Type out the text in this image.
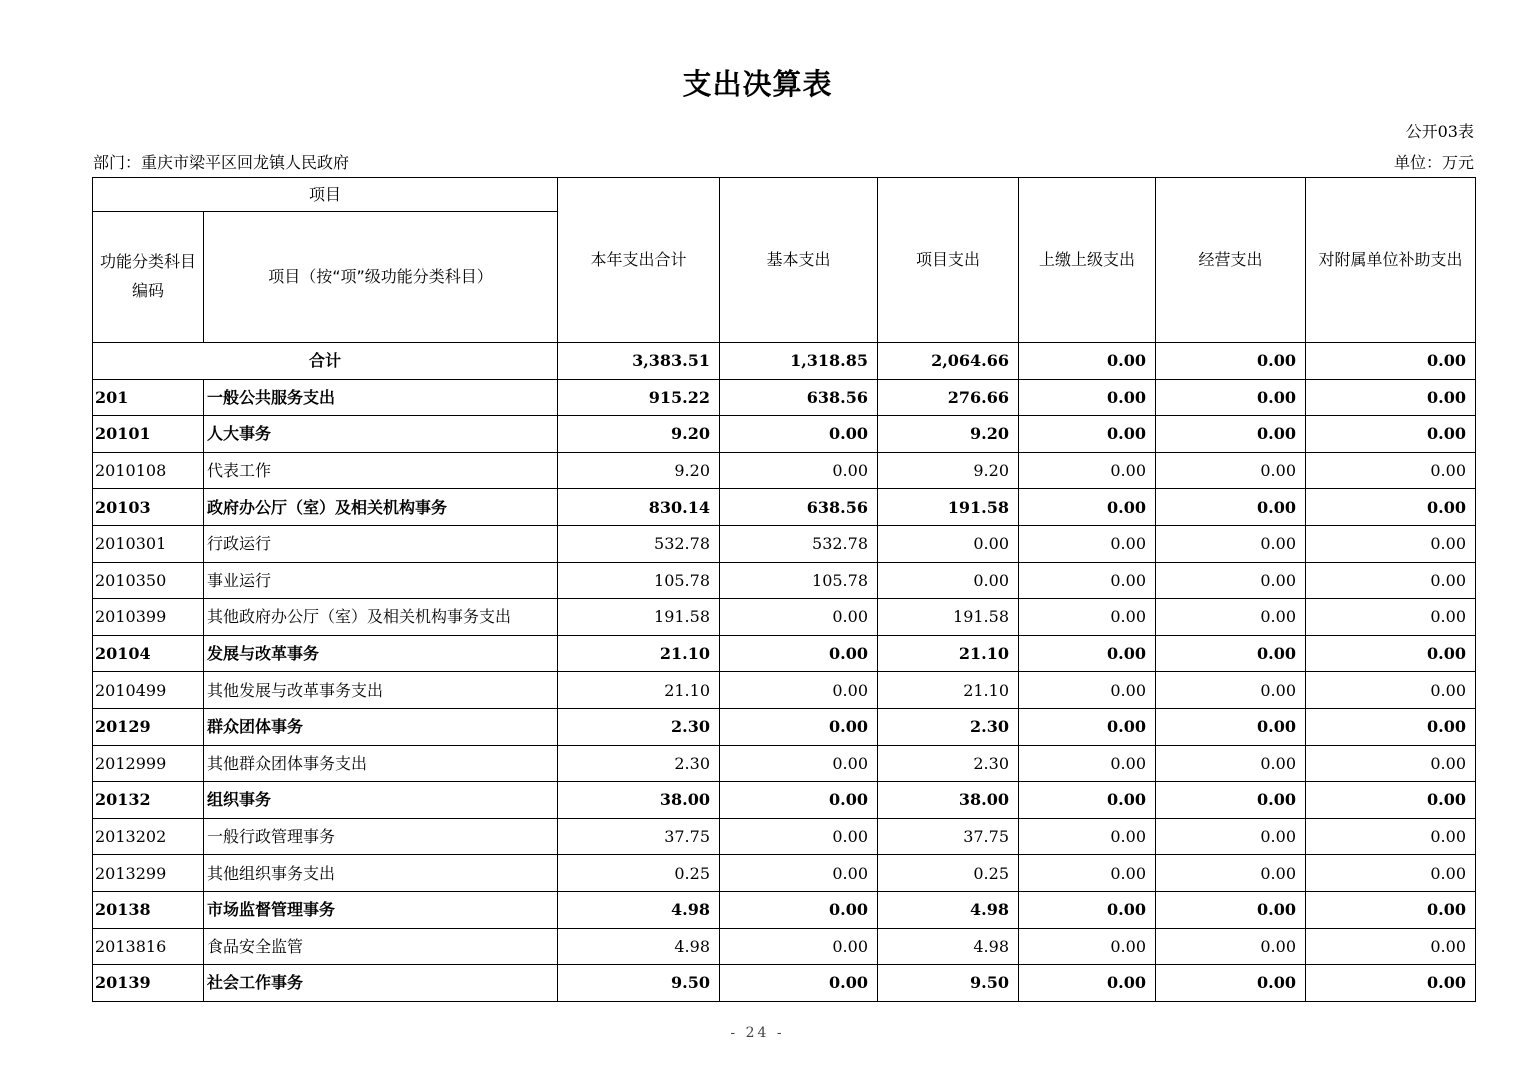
支出决算表
公开03表
部门：重庆市梁平区回龙镇人民政府	单位：万元
项目		本年支出合计	基本支出	项目支出	上缴上级支出	经营支出	对附属单位补助支出
功能分类科目编码	项目（按“项”级功能分类科目）						
合计		3,383.51	1,318.85	2,064.66	0.00	0.00	0.00
201	一般公共服务支出	915.22	638.56	276.66	0.00	0.00	0.00
20101	人大事务	9.20	0.00	9.20	0.00	0.00	0.00
2010108	代表工作	9.20	0.00	9.20	0.00	0.00	0.00
20103	政府办公厅（室）及相关机构事务	830.14	638.56	191.58	0.00	0.00	0.00
2010301	行政运行	532.78	532.78	0.00	0.00	0.00	0.00
2010350	事业运行	105.78	105.78	0.00	0.00	0.00	0.00
2010399	其他政府办公厅（室）及相关机构事务支出	191.58	0.00	191.58	0.00	0.00	0.00
20104	发展与改革事务	21.10	0.00	21.10	0.00	0.00	0.00
2010499	其他发展与改革事务支出	21.10	0.00	21.10	0.00	0.00	0.00
20129	群众团体事务	2.30	0.00	2.30	0.00	0.00	0.00
2012999	其他群众团体事务支出	2.30	0.00	2.30	0.00	0.00	0.00
20132	组织事务	38.00	0.00	38.00	0.00	0.00	0.00
2013202	一般行政管理事务	37.75	0.00	37.75	0.00	0.00	0.00
2013299	其他组织事务支出	0.25	0.00	0.25	0.00	0.00	0.00
20138	市场监督管理事务	4.98	0.00	4.98	0.00	0.00	0.00
2013816	食品安全监管	4.98	0.00	4.98	0.00	0.00	0.00
20139	社会工作事务	9.50	0.00	9.50	0.00	0.00	0.00
- 24 -
